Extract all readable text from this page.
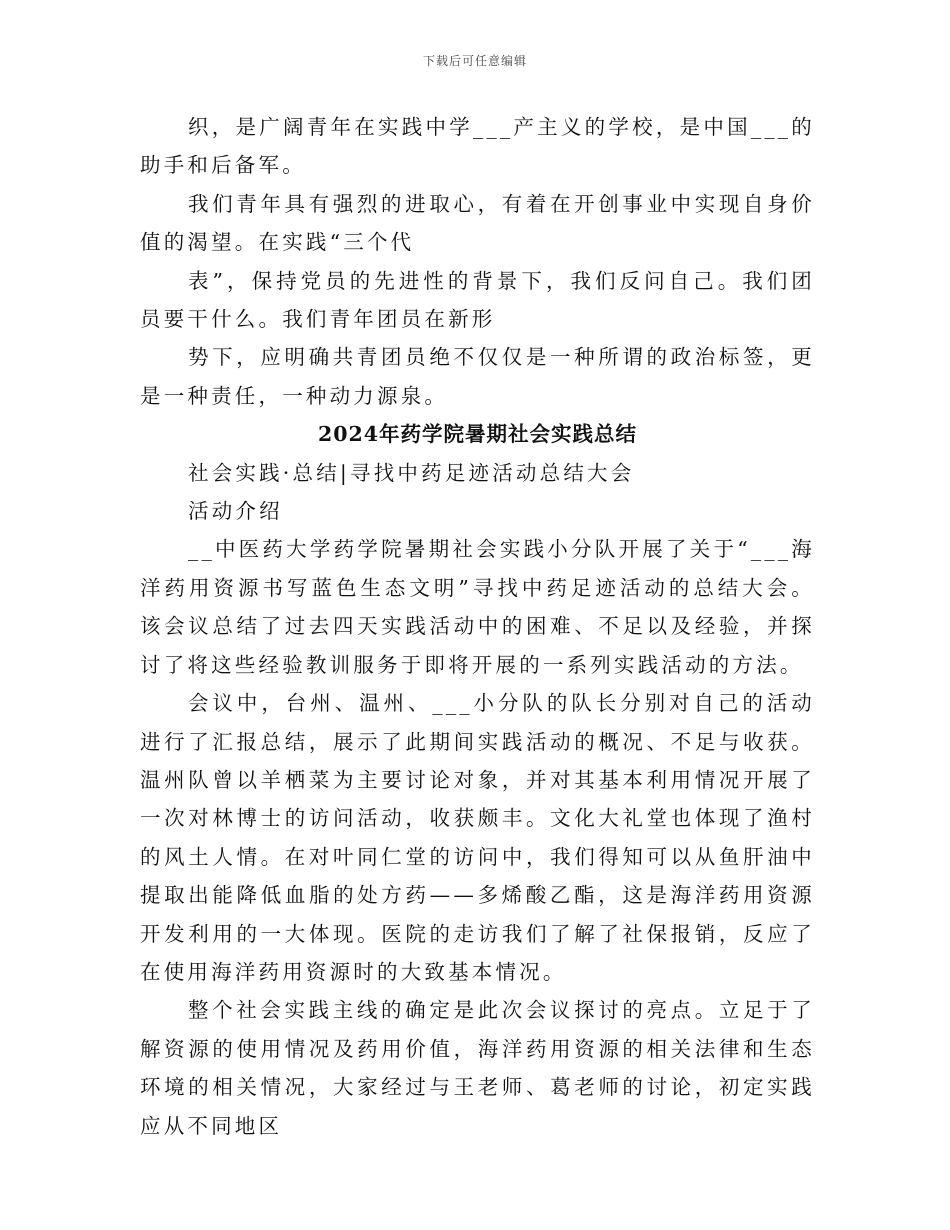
下载后可任意编辑

织，是广阔青年在实践中学___产主义的学校，是中国___的助手和后备军。

我们青年具有强烈的进取心，有着在开创事业中实现自身价值的渴望。在实践“三个代

表”，保持党员的先进性的背景下，我们反问自己。我们团员要干什么。我们青年团员在新形

势下，应明确共青团员绝不仅仅是一种所谓的政治标签，更是一种责任，一种动力源泉。

2024年药学院暑期社会实践总结

社会实践·总结|寻找中药足迹活动总结大会

活动介绍

__中医药大学药学院暑期社会实践小分队开展了关于“___海洋药用资源书写蓝色生态文明”寻找中药足迹活动的总结大会。该会议总结了过去四天实践活动中的困难、不足以及经验，并探讨了将这些经验教训服务于即将开展的一系列实践活动的方法。

会议中，台州、温州、___小分队的队长分别对自己的活动进行了汇报总结，展示了此期间实践活动的概况、不足与收获。温州队曾以羊栖菜为主要讨论对象，并对其基本利用情况开展了一次对林博士的访问活动，收获颇丰。文化大礼堂也体现了渔村的风土人情。在对叶同仁堂的访问中，我们得知可以从鱼肝油中提取出能降低血脂的处方药——多烯酸乙酯，这是海洋药用资源开发利用的一大体现。医院的走访我们了解了社保报销，反应了在使用海洋药用资源时的大致基本情况。

整个社会实践主线的确定是此次会议探讨的亮点。立足于了解资源的使用情况及药用价值，海洋药用资源的相关法律和生态环境的相关情况，大家经过与王老师、葛老师的讨论，初定实践应从不同地区
